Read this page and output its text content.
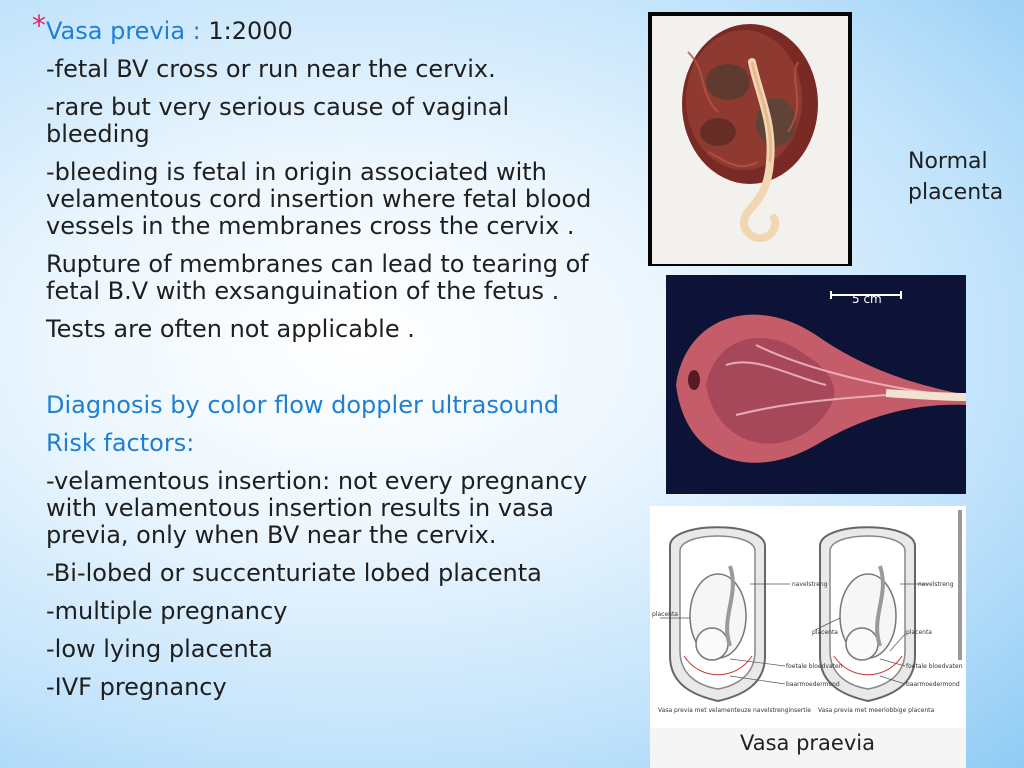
* Vasa previa : 1:2000
-fetal BV cross or run near the cervix.
-rare but very serious cause of vaginal
bleeding
-bleeding is fetal in origin associated with
velamentous cord insertion where fetal blood
vessels in the membranes cross the cervix .
Rupture of membranes can lead to tearing of
fetal B.V with exsanguination of the fetus .
Tests are often not applicable .
Diagnosis by color flow doppler ultrasound
Risk factors:
-velamentous insertion: not every pregnancy
with velamentous insertion results in vasa
previa, only when BV near the cervix.
-Bi-lobed or succenturiate lobed placenta
-multiple pregnancy
-low lying placenta
-IVF pregnancy
Normal
placenta
5 cm
navelstreng
placenta
foetale bloedvaten
baarmoedermond
navelstreng
placenta	placenta
foetale bloedvaten
baarmoedermond
Vasa previa met velamenteuze navelstrenginsertie Vasa previa met meerlobbige placenta
Vasa praevia
